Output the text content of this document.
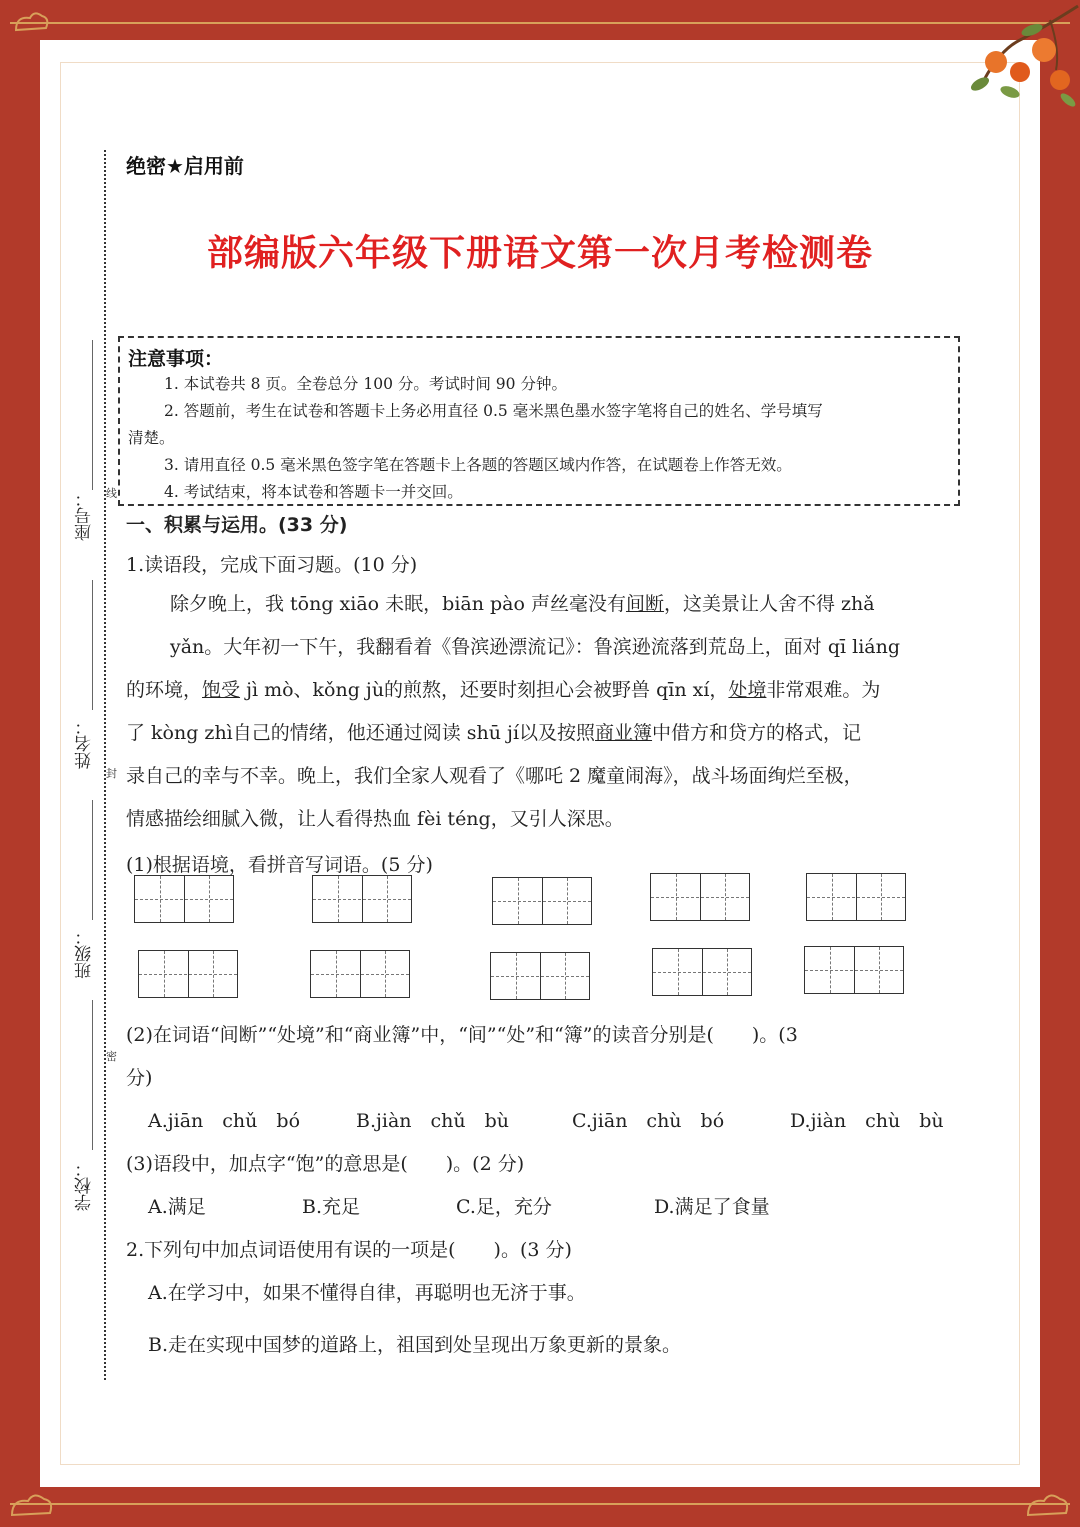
座号： 线
姓名：
封
班级：
密
学校：
绝密★启用前
部编版六年级下册语文第一次月考检测卷
注意事项：
1. 本试卷共 8 页。全卷总分 100 分。考试时间 90 分钟。
2. 答题前，考生在试卷和答题卡上务必用直径 0.5 毫米黑色墨水签字笔将自己的姓名、学号填写
清楚。
3. 请用直径 0.5 毫米黑色签字笔在答题卡上各题的答题区域内作答，在试题卷上作答无效。
4. 考试结束，将本试卷和答题卡一并交回。
一、积累与运用。(33 分)
1.读语段，完成下面习题。(10 分)
除夕晚上，我 tōng xiāo 未眠，biān pào 声丝毫没有间断，这美景让人舍不得 zhǎ
yǎn。大年初一下午，我翻看着《鲁滨逊漂流记》：鲁滨逊流落到荒岛上，面对 qī liáng
的环境，饱受 jì mò、kǒng jù的煎熬，还要时刻担心会被野兽 qīn xí，处境非常艰难。为
了 kòng zhì自己的情绪，他还通过阅读 shū jí以及按照商业簿中借方和贷方的格式，记
录自己的幸与不幸。晚上，我们全家人观看了《哪吒 2 魔童闹海》，战斗场面绚烂至极，
情感描绘细腻入微，让人看得热血 fèi téng，又引人深思。
(1)根据语境，看拼音写词语。(5 分)
(2)在词语“间断”“处境”和“商业簿”中，“间”“处”和“簿”的读音分别是(　　)。(3
分)
A.jiān　chǔ　bó	B.jiàn　chǔ　bù	C.jiān　chù　bó	D.jiàn　chù　bù
(3)语段中，加点字“饱”的意思是(　　)。(2 分)
A.满足	B.充足	C.足，充分	D.满足了食量
2.下列句中加点词语使用有误的一项是(　　)。(3 分)
A.在学习中，如果不懂得自律，再聪明也无济于事。
B.走在实现中国梦的道路上，祖国到处呈现出万象更新的景象。
